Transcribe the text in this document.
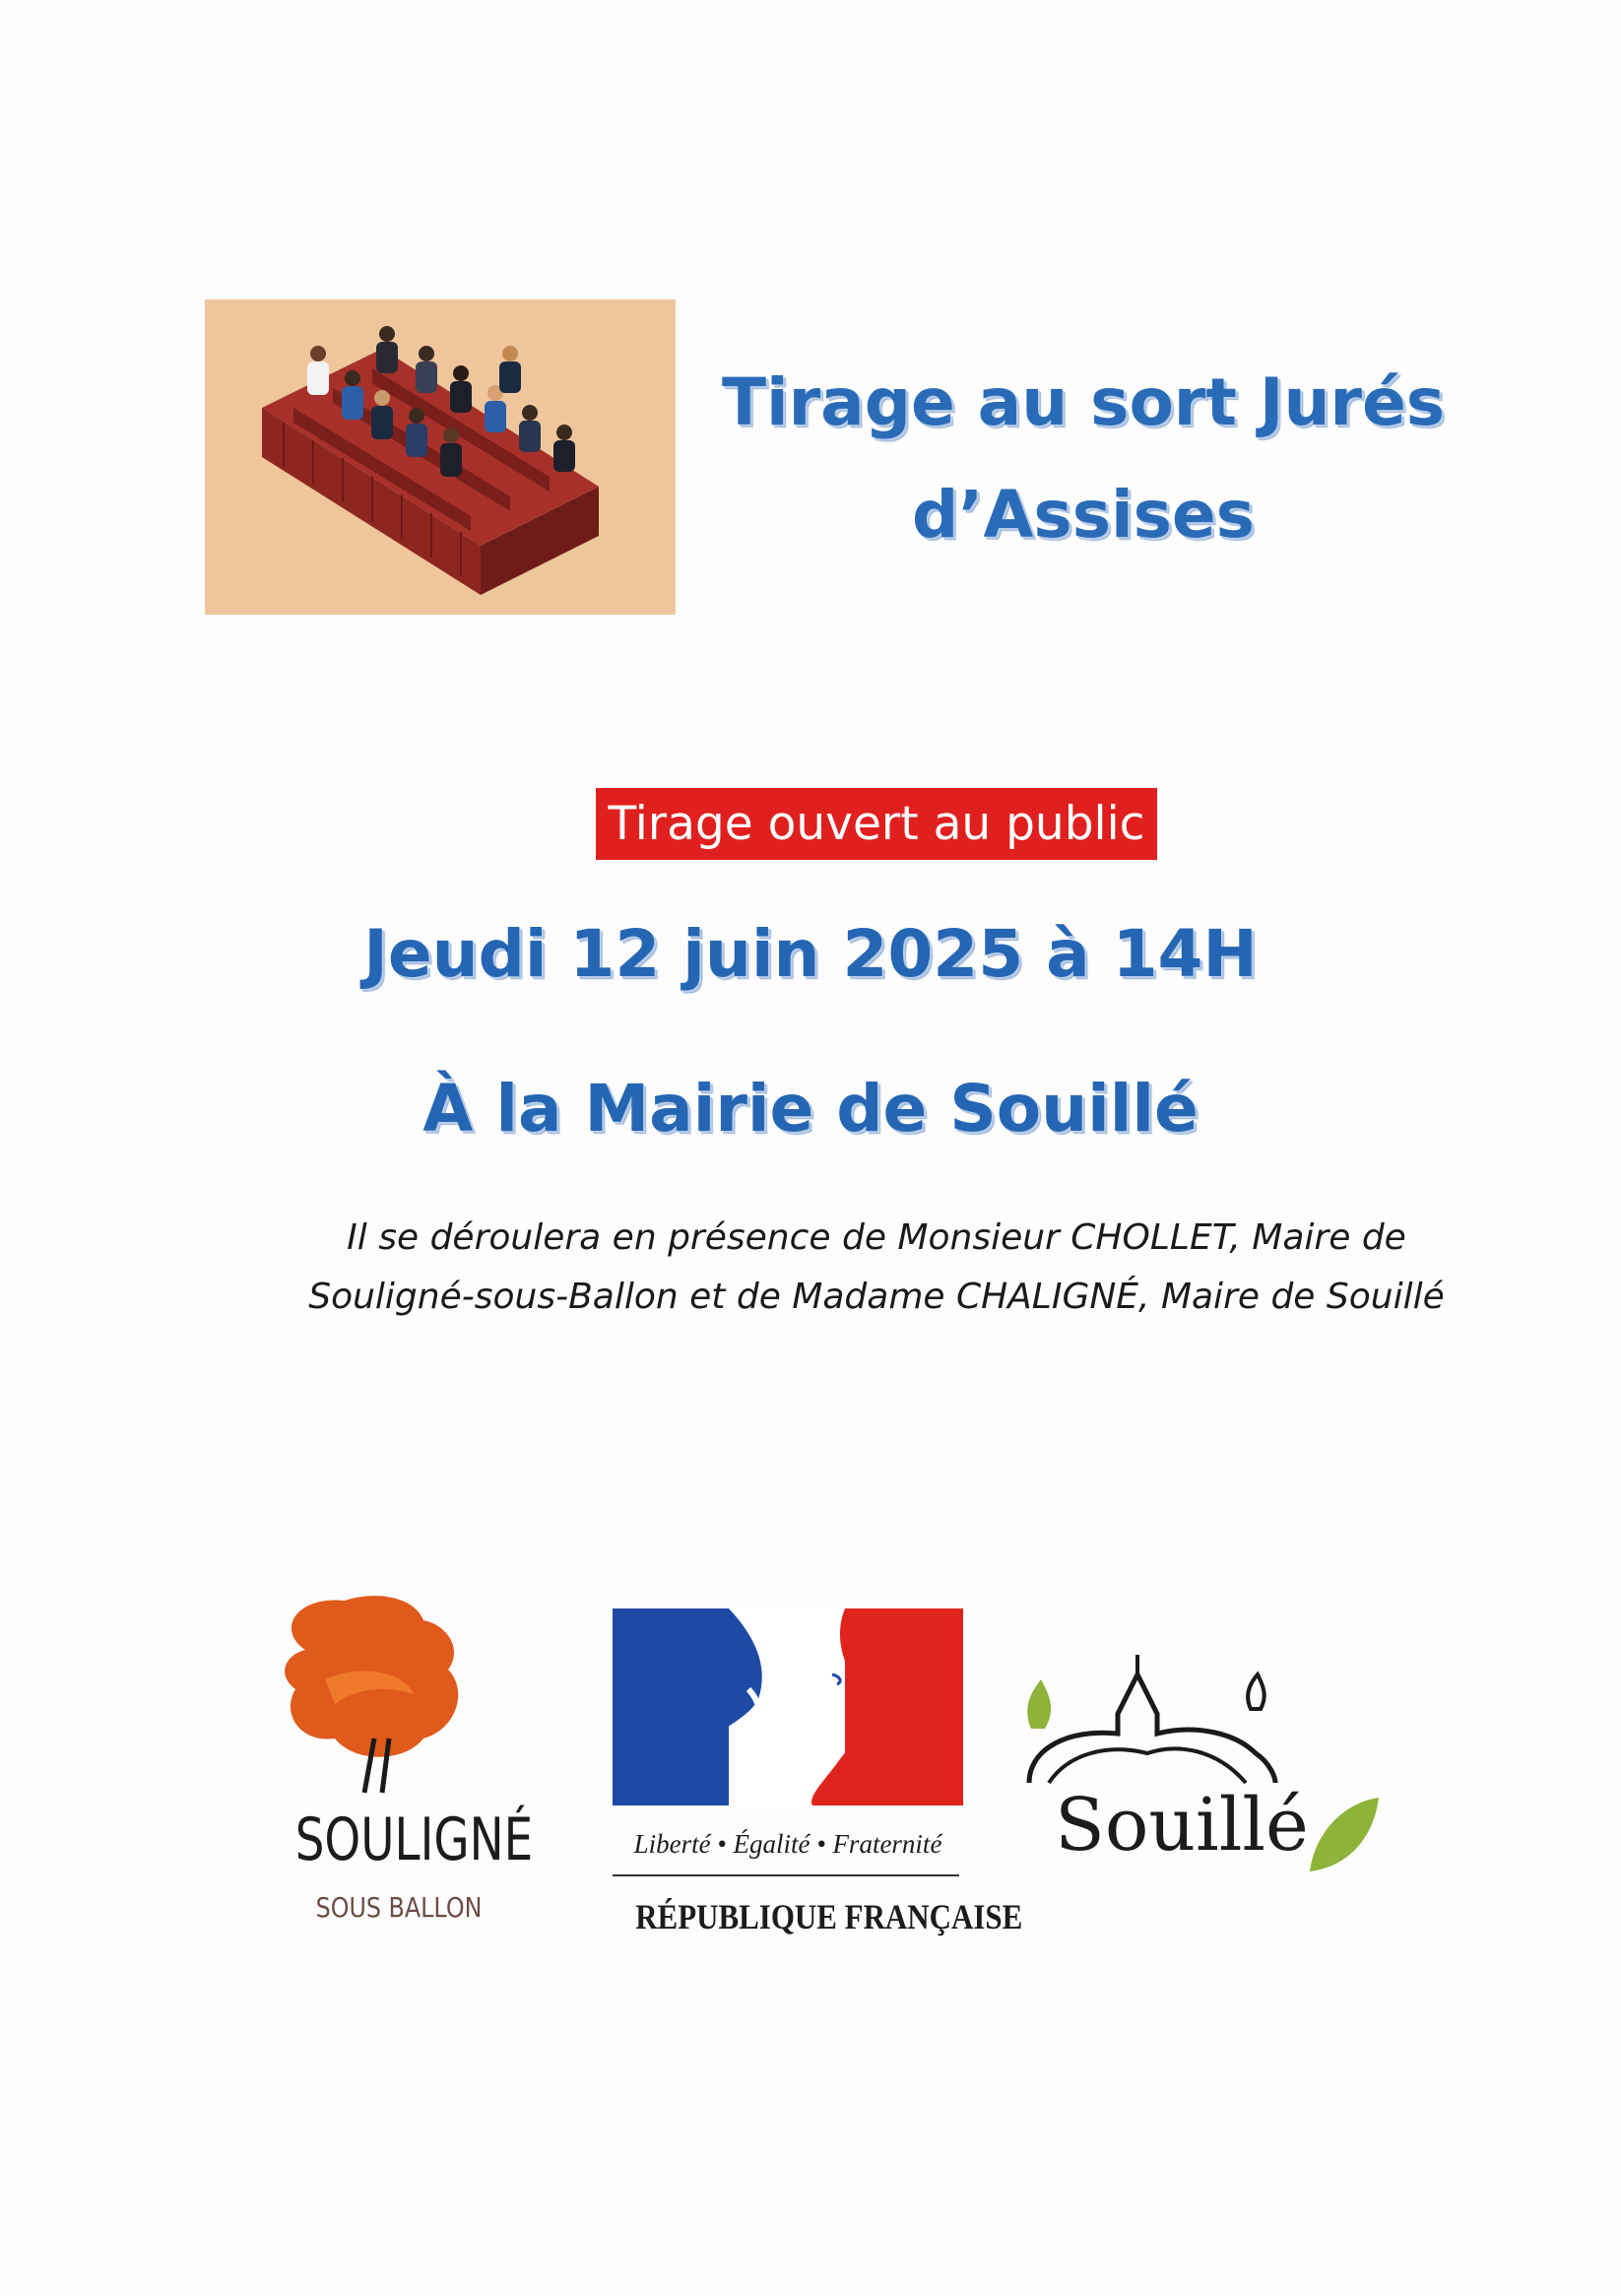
Tirage au sort Jurés
d’Assises
Tirage ouvert au public
Jeudi 12 juin 2025 à 14H
À la Mairie de Souillé
Il se déroulera en présence de Monsieur CHOLLET, Maire de
Souligné-sous-Ballon et de Madame CHALIGNÉ, Maire de Souillé
SOULIGNÉ
SOUS BALLON
Liberté • Égalité • Fraternité
RÉPUBLIQUE FRANÇAISE
Souillé
